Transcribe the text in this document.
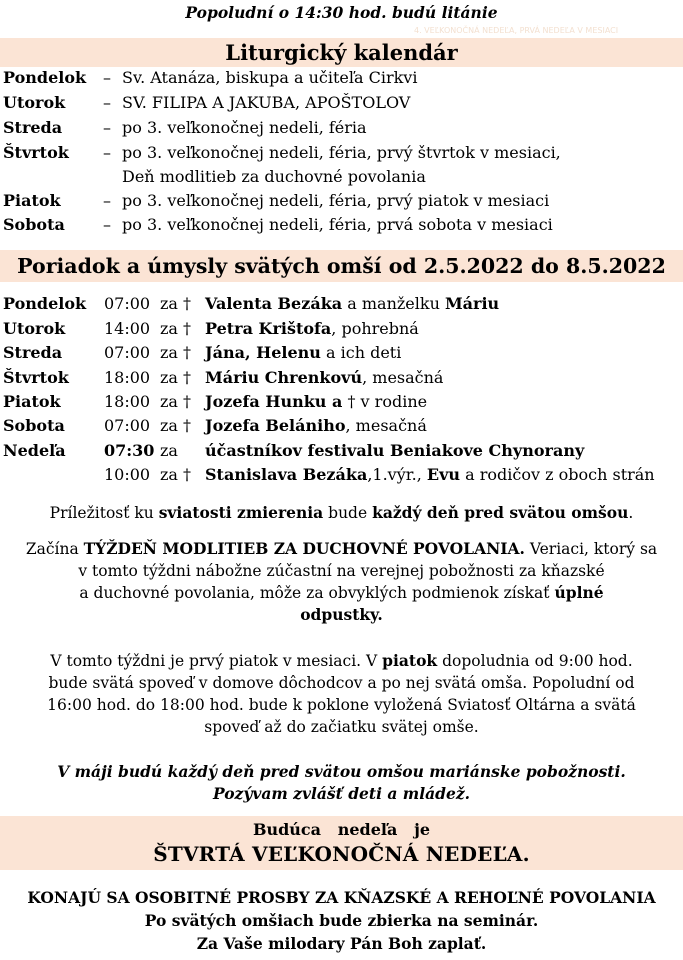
Popoludní o 14:30 hod. budú litánie
4. VEĽKONOČNÁ NEDEĽA, PRVÁ NEDEĽA V MESIACI
Liturgický kalendár
Pondelok – Sv. Atanáza, biskupa a učiteľa Cirkvi
Utorok – SV. FILIPA A JAKUBA, APOŠTOLOV
Streda	– po 3. veľkonočnej nedeli, féria
Štvrtok – po 3. veľkonočnej nedeli, féria, prvý štvrtok v mesiaci,
Deň modlitieb za duchovné povolania
Piatok	– po 3. veľkonočnej nedeli, féria, prvý piatok v mesiaci
Sobota – po 3. veľkonočnej nedeli, féria, prvá sobota v mesiaci
Poriadok a úmysly svätých omší od 2.5.2022 do 8.5.2022
Pondelok 07:00 za † Valenta Bezáka a manželku Máriu
Utorok 14:00 za † Petra Krištofa, pohrebná
Streda	07:00 za † Jána, Helenu a ich deti
Štvrtok 18:00 za † Máriu Chrenkovú, mesačná
Piatok	18:00 za † Jozefa Hunku a † v rodine
Sobota 07:00 za † Jozefa Belániho, mesačná
Nedeľa 07:30 za účastníkov festivalu Beniakove Chynorany
10:00 za † Stanislava Bezáka,1.výr., Evu a rodičov z oboch strán
Príležitosť ku sviatosti zmierenia bude každý deň pred svätou omšou.
Začína TÝŽDEŇ MODLITIEB ZA DUCHOVNÉ POVOLANIA. Veriaci, ktorý sa
v tomto týždni nábožne zúčastní na verejnej pobožnosti za kňazské
a duchovné povolania, môže za obvyklých podmienok získať úplné
odpustky.
V tomto týždni je prvý piatok v mesiaci. V piatok dopoludnia od 9:00 hod.
bude svätá spoveď v domove dôchodcov a po nej svätá omša. Popoludní od
16:00 hod. do 18:00 hod. bude k poklone vyložená Sviatosť Oltárna a svätá
spoveď až do začiatku svätej omše.
V máji budú každý deň pred svätou omšou mariánske pobožnosti.
Pozývam zvlášť deti a mládež.
Budúca   nedeľa   je
ŠTVRTÁ VEĽKONOČNÁ NEDEĽA.
KONAJÚ SA OSOBITNÉ PROSBY ZA KŇAZSKÉ A REHOĽNÉ POVOLANIA
Po svätých omšiach bude zbierka na seminár.
Za Vaše milodary Pán Boh zaplať.
